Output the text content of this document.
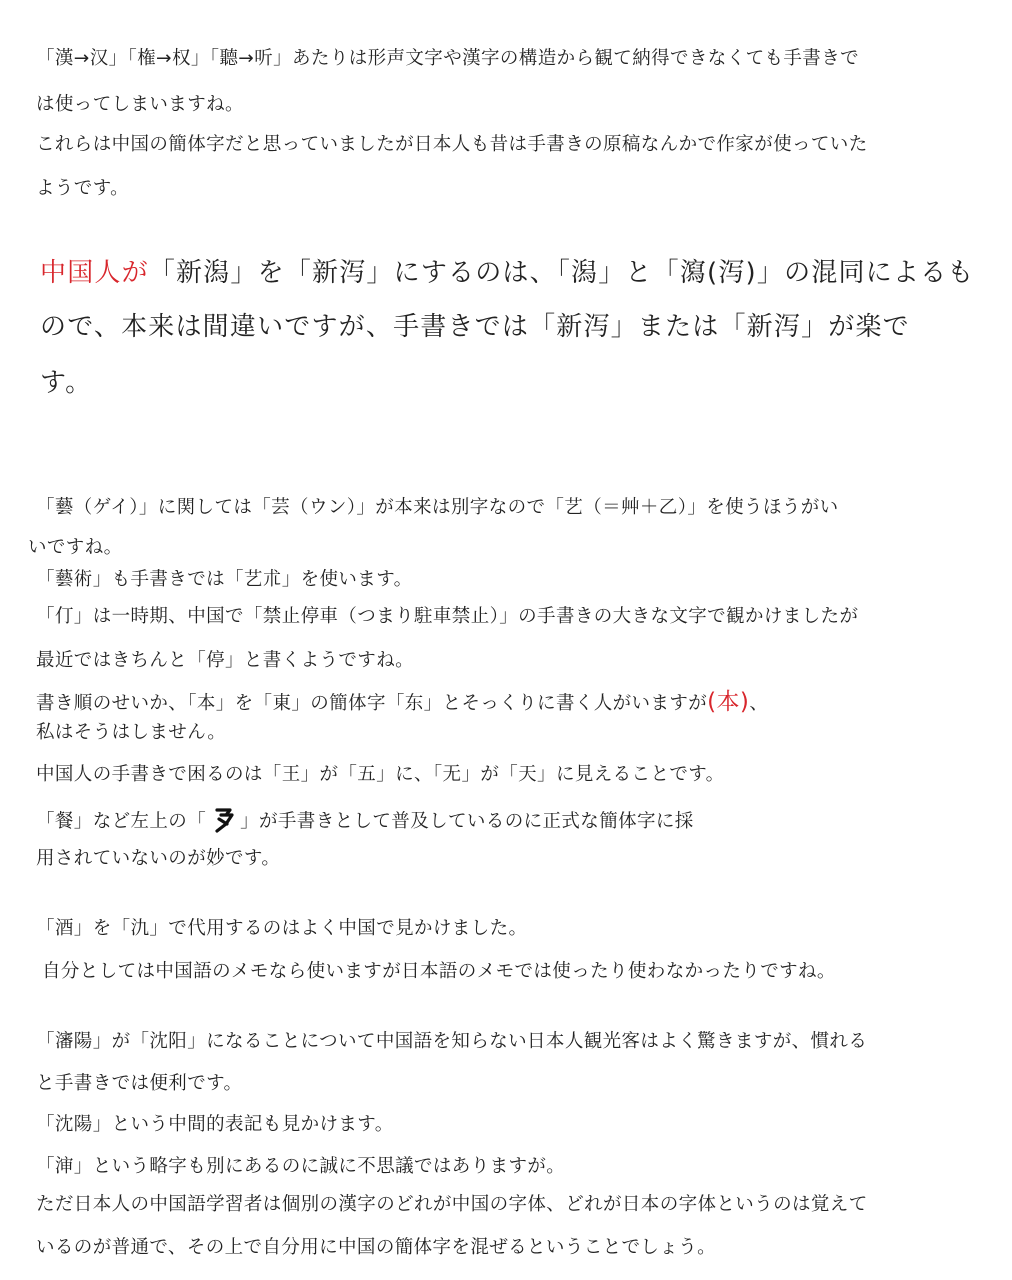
「漢→汉」「権→权」「聽→听」あたりは形声文字や漢字の構造から観て納得できなくても手書きで
は使ってしまいますね。
これらは中国の簡体字だと思っていましたが日本人も昔は手書きの原稿なんかで作家が使っていた
ようです。
中国人が「新潟」を「新泻」にするのは、「潟」と「瀉(泻)」の混同によるも
ので、本来は間違いですが、手書きでは「新泻」または「新泻」が楽で
す。
「藝（ゲイ）」に関しては「芸（ウン）」が本来は別字なので「艺（＝艸＋乙）」を使うほうがい
いですね。
「藝術」も手書きでは「艺朮」を使います。
「仃」は一時期、中国で「禁止停車（つまり駐車禁止）」の手書きの大きな文字で観かけましたが
最近ではきちんと「停」と書くようですね。
書き順のせいか、「本」を「東」の簡体字「东」とそっくりに書く人がいますが(本)、
私はそうはしません。
中国人の手書きで困るのは「王」が「五」に、「无」が「天」に見えることです。
「餐」など左上の「 」が手書きとして普及しているのに正式な簡体字に採
用されていないのが妙です。
「酒」を「氿」で代用するのはよく中国で見かけました。
自分としては中国語のメモなら使いますが日本語のメモでは使ったり使わなかったりですね。
「瀋陽」が「沈阳」になることについて中国語を知らない日本人観光客はよく驚きますが、慣れる
と手書きでは便利です。
「沈陽」という中間的表記も見かけます。
「渖」という略字も別にあるのに誠に不思議ではありますが。
ただ日本人の中国語学習者は個別の漢字のどれが中国の字体、どれが日本の字体というのは覚えて
いるのが普通で、その上で自分用に中国の簡体字を混ぜるということでしょう。
